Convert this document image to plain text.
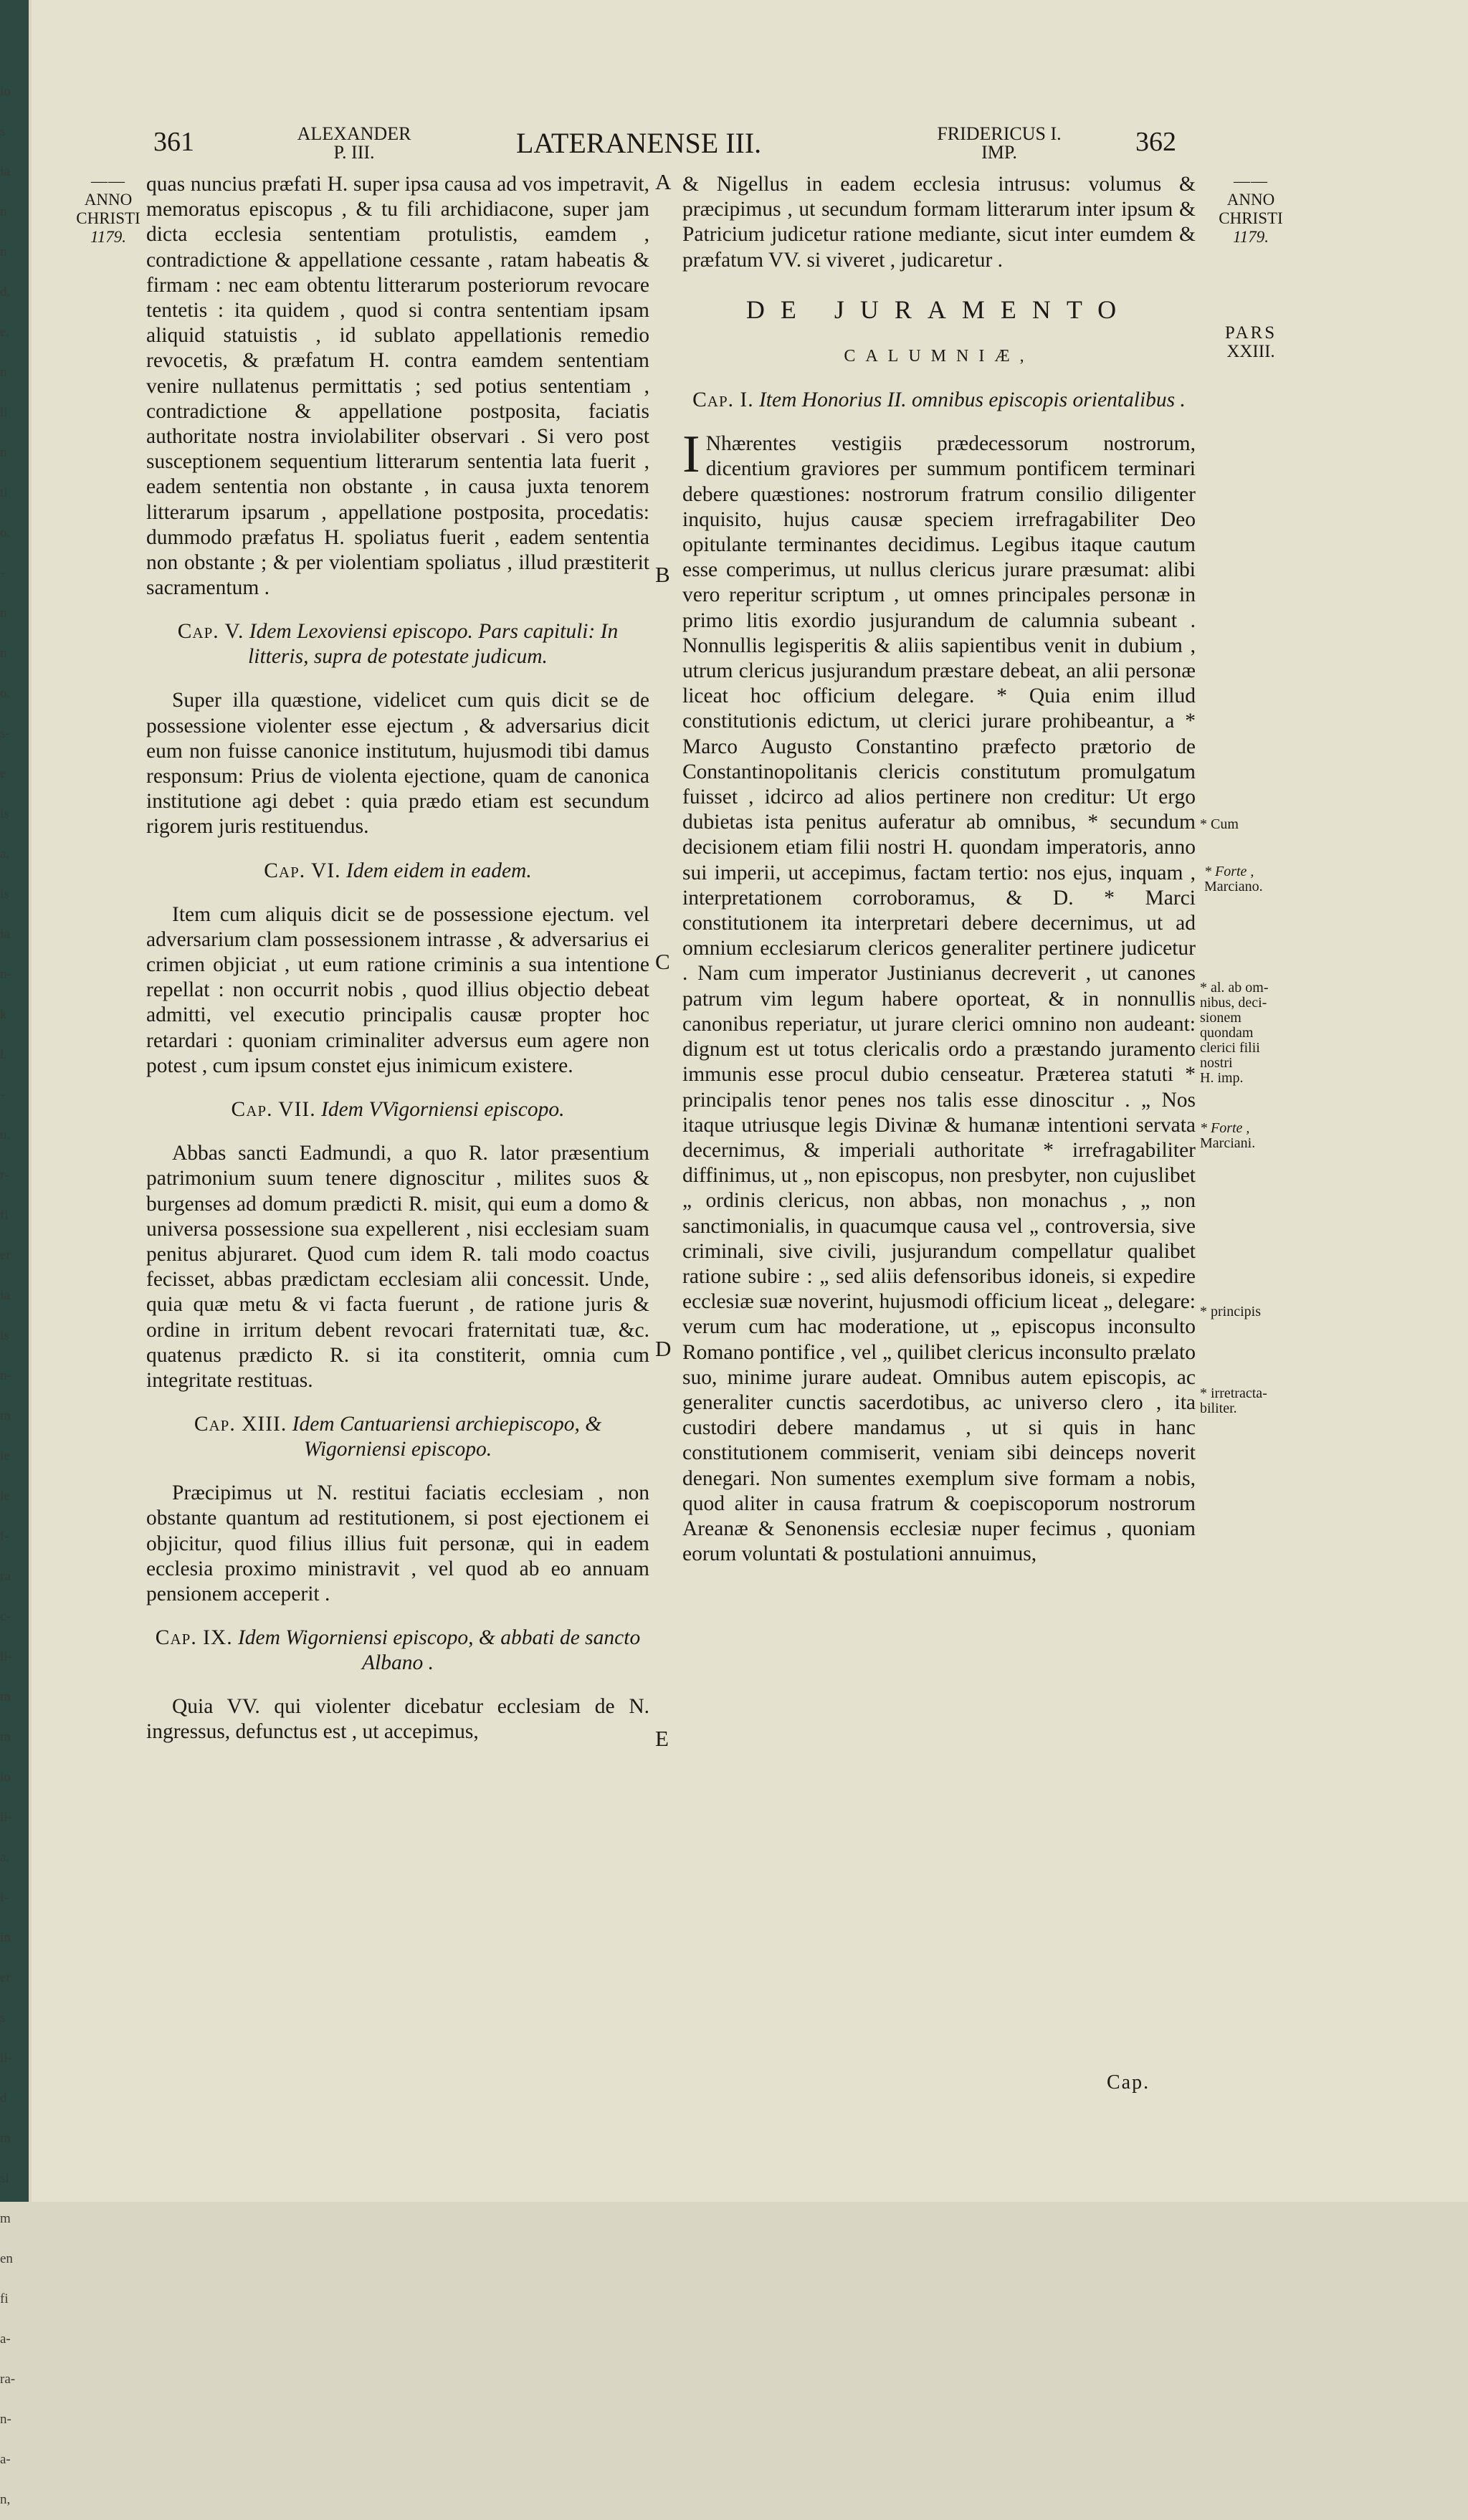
io
s
ia
n
n
d.
e.
n
li
n
ti
o.
-
n
n
o.
s-
e
is
a.
is
ia
n-
k
l.
-
u.
r-
fi
er
ia
is
n-
m
ie
le
f-
ra
c-
li-
m
m
io
ii-
a.
i-
in
er
s
il-
d
m
si
m
en
fi
a-
ra-
n-
a-
n,
361	ALEXANDER
P. III.	LATERANENSE III.	FRIDERICUS I.
IMP.	362
——
ANNO
CHRISTI
1179.
——
ANNO
CHRISTI
1179.
PARS
XXIII.
A
B
C
D
E

quas nuncius præfati H. super ipsa causa ad vos impetravit, memoratus episcopus , & tu fili archidiacone, super jam dicta ecclesia sententiam protulistis, eamdem , contradictione & appellatione cessante , ratam habeatis & firmam : nec eam obtentu litterarum posteriorum revocare tentetis : ita quidem , quod si contra sententiam ipsam aliquid statuistis , id sublato appellationis remedio revocetis, & præfatum H. contra eamdem sententiam venire nullatenus permittatis ; sed potius sententiam , contradictione & appellatione postposita, faciatis authoritate nostra inviolabiliter observari . Si vero post susceptionem sequentium litterarum sententia lata fuerit , eadem sententia non obstante , in causa juxta tenorem litterarum ipsarum , appellatione postposita, procedatis: dummodo præfatus H. spoliatus fuerit , eadem sententia non obstante ; & per violentiam spoliatus , illud præstiterit sacramentum .

Cap. V. Idem Lexoviensi episcopo. Pars capituli: In litteris, supra de potestate judicum.

Super illa quæstione, videlicet cum quis dicit se de possessione violenter esse ejectum , & adversarius dicit eum non fuisse canonice institutum, hujusmodi tibi damus responsum: Prius de violenta ejectione, quam de canonica institutione agi debet : quia prædo etiam est secundum rigorem juris restituendus.

Cap. VI. Idem eidem in eadem.

Item cum aliquis dicit se de possessione ejectum. vel adversarium clam possessionem intrasse , & adversarius ei crimen objiciat , ut eum ratione criminis a sua intentione repellat : non occurrit nobis , quod illius objectio debeat admitti, vel executio principalis causæ propter hoc retardari : quoniam criminaliter adversus eum agere non potest , cum ipsum constet ejus inimicum existere.

Cap. VII. Idem VVigorniensi episcopo.

Abbas sancti Eadmundi, a quo R. lator præsentium patrimonium suum tenere dignoscitur , milites suos & burgenses ad domum prædicti R. misit, qui eum a domo & universa possessione sua expellerent , nisi ecclesiam suam penitus abjuraret. Quod cum idem R. tali modo coactus fecisset, abbas prædictam ecclesiam alii concessit. Unde, quia quæ metu & vi facta fuerunt , de ratione juris & ordine in irritum debent revocari fraternitati tuæ, &c. quatenus prædicto R. si ita constiterit, omnia cum integritate restituas.

Cap. XIII. Idem Cantuariensi archiepiscopo, & Wigorniensi episcopo.

Præcipimus ut N. restitui faciatis ecclesiam , non obstante quantum ad restitutionem, si post ejectionem ei objicitur, quod filius illius fuit personæ, qui in eadem ecclesia proximo ministravit , vel quod ab eo annuam pensionem acceperit .

Cap. IX. Idem Wigorniensi episcopo, & abbati de sancto Albano .

Quia VV. qui violenter dicebatur ecclesiam de N. ingressus, defunctus est , ut accepimus,

& Nigellus in eadem ecclesia intrusus: volumus & præcipimus , ut secundum formam litterarum inter ipsum & Patricium judicetur ratione mediante, sicut inter eumdem & præfatum VV. si viveret , judicaretur .

DE JURAMENTO
CALUMNIÆ,
Cap. I. Item Honorius II. omnibus episcopis orientalibus .

I Nhærentes vestigiis prædecessorum nostrorum, dicentium graviores per summum pontificem terminari debere quæstiones: nostrorum fratrum consilio diligenter inquisito, hujus causæ speciem irrefragabiliter Deo opitulante terminantes decidimus. Legibus itaque cautum esse comperimus, ut nullus clericus jurare præsumat: alibi vero reperitur scriptum , ut omnes principales personæ in primo litis exordio jusjurandum de calumnia subeant . Nonnullis legisperitis & aliis sapientibus venit in dubium , utrum clericus jusjurandum præstare debeat, an alii personæ liceat hoc officium delegare. * Quia enim illud constitutionis edictum, ut clerici jurare prohibeantur, a * Marco Augusto Constantino præfecto prætorio de Constantinopolitanis clericis constitutum promulgatum fuisset , idcirco ad alios pertinere non creditur: Ut ergo dubietas ista penitus auferatur ab omnibus, * secundum decisionem etiam filii nostri H. quondam imperatoris, anno sui imperii, ut accepimus, factam tertio: nos ejus, inquam , interpretationem corroboramus, & D. * Marci constitutionem ita interpretari debere decernimus, ut ad omnium ecclesiarum clericos generaliter pertinere judicetur . Nam cum imperator Justinianus decreverit , ut canones patrum vim legum habere oporteat, & in nonnullis canonibus reperiatur, ut jurare clerici omnino non audeant: dignum est ut totus clericalis ordo a præstando juramento immunis esse procul dubio censeatur. Præterea statuti * principalis tenor penes nos talis esse dinoscitur . „ Nos itaque utriusque legis Divinæ & humanæ intentioni servata decernimus, & imperiali authoritate * irrefragabiliter diffinimus, ut „ non episcopus, non presbyter, non cujuslibet „ ordinis clericus, non abbas, non monachus , „ non sanctimonialis, in quacumque causa vel „ controversia, sive criminali, sive civili, jusjurandum compellatur qualibet ratione subire : „ sed aliis defensoribus idoneis, si expedire ecclesiæ suæ noverint, hujusmodi officium liceat „ delegare: verum cum hac moderatione, ut „ episcopus inconsulto Romano pontifice , vel „ quilibet clericus inconsulto prælato suo, minime jurare audeat. Omnibus autem episcopis, ac generaliter cunctis sacerdotibus, ac universo clero , ita custodiri debere mandamus , ut si quis in hanc constitutionem commiserit, veniam sibi deinceps noverit denegari. Non sumentes exemplum sive formam a nobis, quod aliter in causa fratrum & coepiscoporum nostrorum Areanæ & Senonensis ecclesiæ nuper fecimus , quoniam eorum voluntati & postulationi annuimus,

* Cum
* Forte ,
Marciano.
* al. ab om-
nibus, deci-
sionem
quondam
clerici filii
nostri
H. imp.
* Forte ,
Marciani.
* principis
* irretracta-
biliter.
Cap.
